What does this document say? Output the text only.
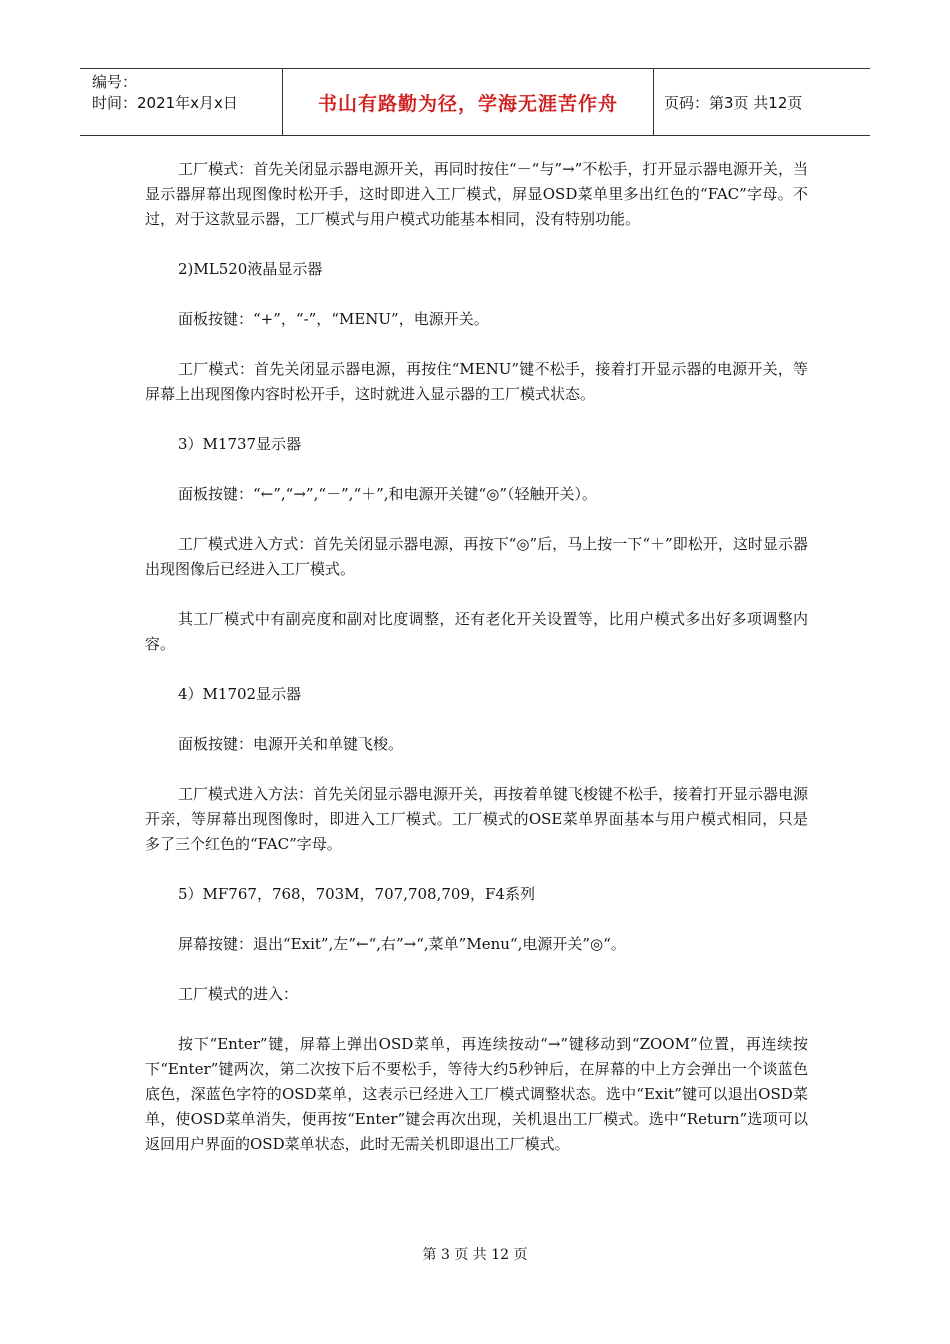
编号：
时间：2021年x月x日	书山有路勤为径，学海无涯苦作舟	页码：第3页 共12页

工厂模式：首先关闭显示器电源开关，再同时按住“－“与”→”不松手，打开显示器电源开关，当显示器屏幕出现图像时松开手，这时即进入工厂模式，屏显OSD菜单里多出红色的“FAC”字母。不过，对于这款显示器，工厂模式与用户模式功能基本相同，没有特别功能。

2)ML520液晶显示器

面板按键：“+”，“-”，“MENU”，电源开关。

工厂模式：首先关闭显示器电源，再按住“MENU”键不松手，接着打开显示器的电源开关，等屏幕上出现图像内容时松开手，这时就进入显示器的工厂模式状态。

3）M1737显示器

面板按键：“←”,“→”,“－”,“＋”,和电源开关键“◎”（轻触开关）。

工厂模式进入方式：首先关闭显示器电源，再按下“◎”后，马上按一下“＋”即松开，这时显示器出现图像后已经进入工厂模式。

其工厂模式中有副亮度和副对比度调整，还有老化开关设置等，比用户模式多出好多项调整内容。

4）M1702显示器

面板按键：电源开关和单键飞梭。

工厂模式进入方法：首先关闭显示器电源开关，再按着单键飞梭键不松手，接着打开显示器电源开亲，等屏幕出现图像时，即进入工厂模式。工厂模式的OSE菜单界面基本与用户模式相同，只是多了三个红色的“FAC”字母。

5）MF767，768，703M，707,708,709，F4系列

屏幕按键：退出“Exit”,左”←“,右”→“,菜单”Menu“,电源开关”◎“。

工厂模式的进入：

按下“Enter”键，屏幕上弹出OSD菜单，再连续按动“→”键移动到“ZOOM”位置，再连续按下“Enter”键两次，第二次按下后不要松手，等待大约5秒钟后，在屏幕的中上方会弹出一个谈蓝色底色，深蓝色字符的OSD菜单，这表示已经进入工厂模式调整状态。选中“Exit”键可以退出OSD菜单，使OSD菜单消失，便再按“Enter”键会再次出现，关机退出工厂模式。选中“Return”选项可以返回用户界面的OSD菜单状态，此时无需关机即退出工厂模式。

第 3 页 共 12 页
